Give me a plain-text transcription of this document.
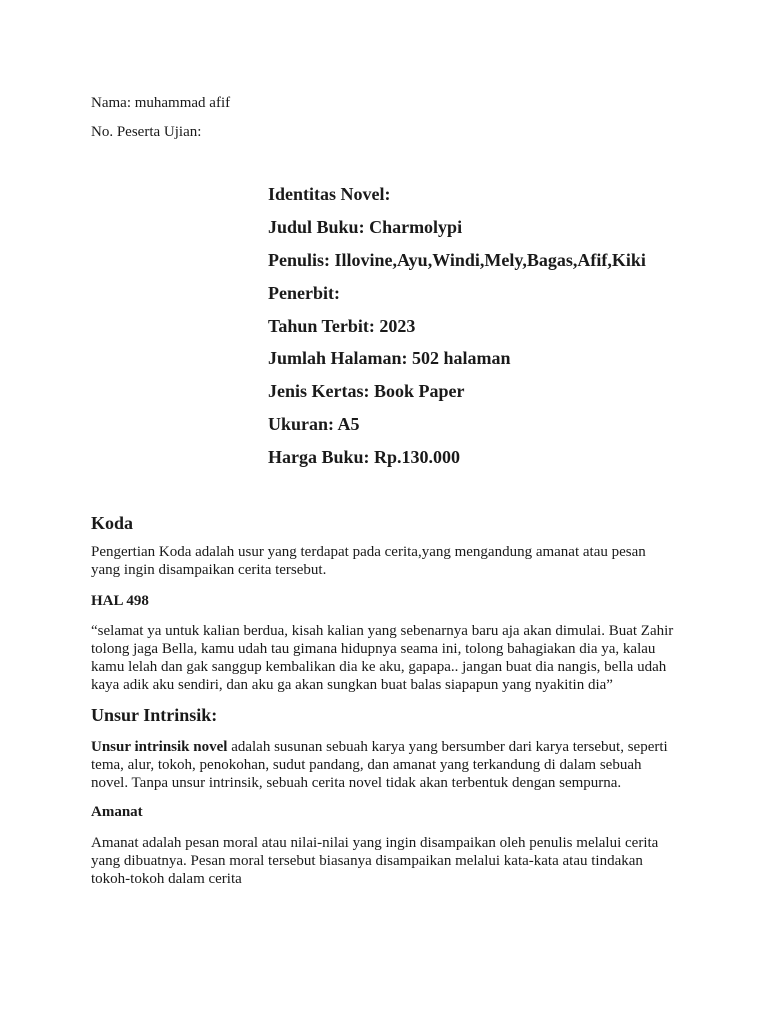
Nama: muhammad afif
No. Peserta Ujian:
Identitas Novel:
Judul Buku: Charmolypi
Penulis: Illovine,Ayu,Windi,Mely,Bagas,Afif,Kiki
Penerbit:
Tahun Terbit: 2023
Jumlah Halaman: 502 halaman
Jenis Kertas: Book Paper
Ukuran: A5
Harga Buku: Rp.130.000
Koda
Pengertian Koda adalah usur yang terdapat pada cerita,yang mengandung amanat atau pesan
yang ingin disampaikan cerita tersebut.
HAL 498
“selamat ya untuk kalian berdua, kisah kalian yang sebenarnya baru aja akan dimulai. Buat Zahir
tolong jaga Bella, kamu udah tau gimana hidupnya seama ini, tolong bahagiakan dia ya, kalau
kamu lelah dan gak sanggup kembalikan dia ke aku, gapapa.. jangan buat dia nangis, bella udah
kaya adik aku sendiri, dan aku ga akan sungkan buat balas siapapun yang nyakitin dia”
Unsur Intrinsik:
Unsur intrinsik novel adalah susunan sebuah karya yang bersumber dari karya tersebut, seperti
tema, alur, tokoh, penokohan, sudut pandang, dan amanat yang terkandung di dalam sebuah
novel. Tanpa unsur intrinsik, sebuah cerita novel tidak akan terbentuk dengan sempurna.
Amanat
Amanat adalah pesan moral atau nilai-nilai yang ingin disampaikan oleh penulis melalui cerita
yang dibuatnya. Pesan moral tersebut biasanya disampaikan melalui kata-kata atau tindakan
tokoh-tokoh dalam cerita
